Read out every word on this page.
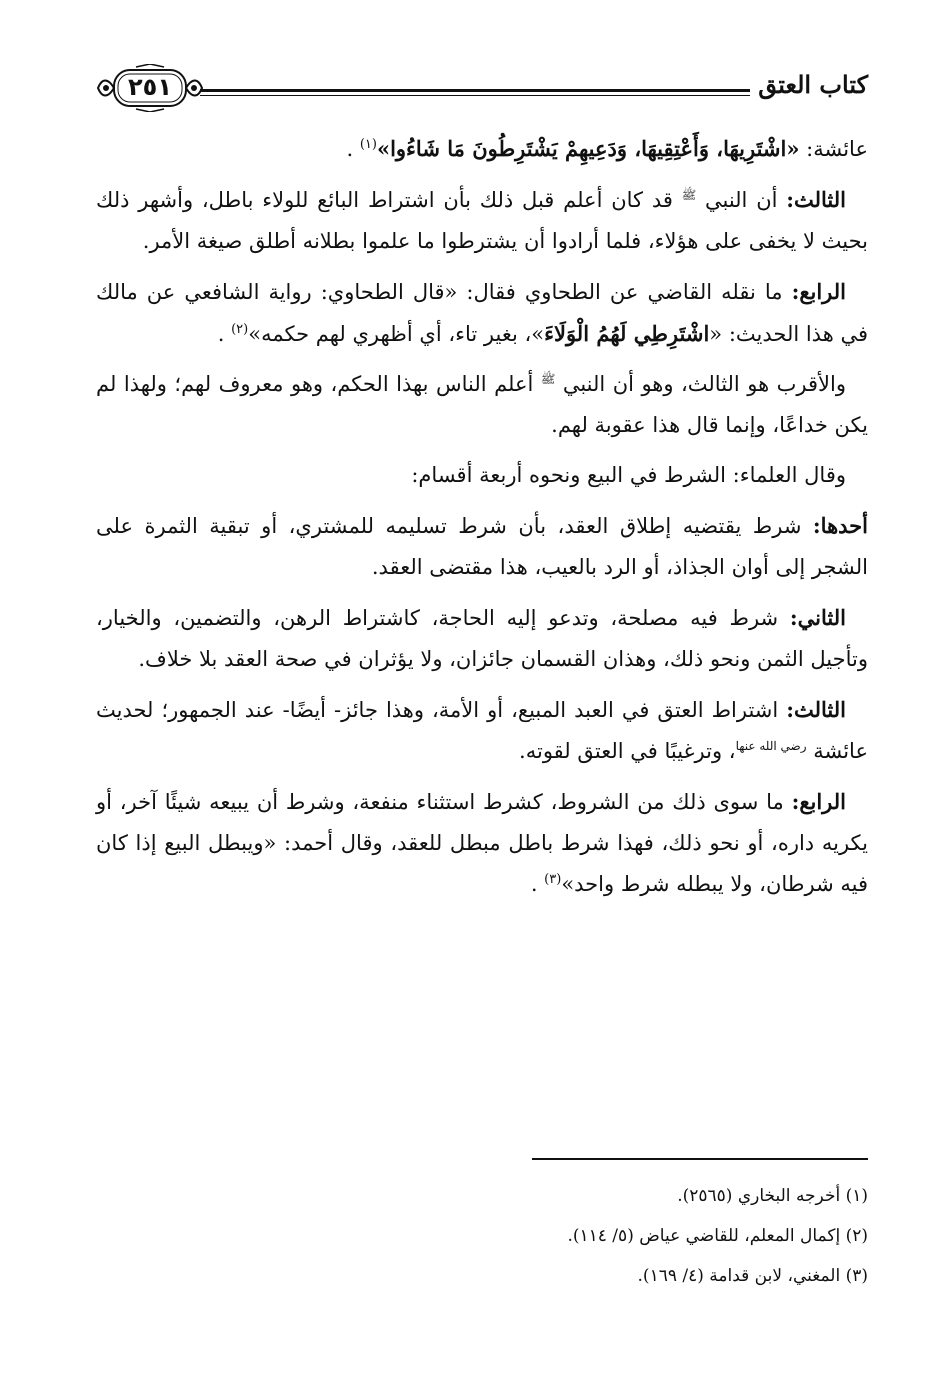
٢٥١	كتاب العتق

عائشة: «اشْتَرِيهَا، وَأَعْتِقِيهَا، وَدَعِيهِمْ يَشْتَرِطُونَ مَا شَاءُوا»$^{(١)}$ .

الثالث: أن النبي $^ﷺ$ قد كان أعلم قبل ذلك بأن اشتراط البائع للولاء باطل، وأشهر ذلك بحيث لا يخفى على هؤلاء، فلما أرادوا أن يشترطوا ما علموا بطلانه أطلق صيغة الأمر.

الرابع: ما نقله القاضي عن الطحاوي فقال: «قال الطحاوي: رواية الشافعي عن مالك في هذا الحديث: «اشْتَرِطِي لَهُمُ الْوَلَاءَ»، بغير تاء، أي أظهري لهم حكمه»$^{(٢)}$ .

والأقرب هو الثالث، وهو أن النبي $^ﷺ$ أعلم الناس بهذا الحكم، وهو معروف لهم؛ ولهذا لم يكن خداعًا، وإنما قال هذا عقوبة لهم.

وقال العلماء: الشرط في البيع ونحوه أربعة أقسام:

أحدها: شرط يقتضيه إطلاق العقد، بأن شرط تسليمه للمشتري، أو تبقية الثمرة على الشجر إلى أوان الجذاذ، أو الرد بالعيب، هذا مقتضى العقد.

الثاني: شرط فيه مصلحة، وتدعو إليه الحاجة، كاشتراط الرهن، والتضمين، والخيار، وتأجيل الثمن ونحو ذلك، وهذان القسمان جائزان، ولا يؤثران في صحة العقد بلا خلاف.

الثالث: اشتراط العتق في العبد المبيع، أو الأمة، وهذا جائز- أيضًا- عند الجمهور؛ لحديث عائشة $^{رضي الله عنها}$، وترغيبًا في العتق لقوته.

الرابع: ما سوى ذلك من الشروط، كشرط استثناء منفعة، وشرط أن يبيعه شيئًا آخر، أو يكريه داره، أو نحو ذلك، فهذا شرط باطل مبطل للعقد، وقال أحمد: «ويبطل البيع إذا كان فيه شرطان، ولا يبطله شرط واحد»$^{(٣)}$ .

(١) أخرجه البخاري (٢٥٦٥).
(٢) إكمال المعلم، للقاضي عياض (٥/ ١١٤).
(٣) المغني، لابن قدامة (٤/ ١٦٩).
